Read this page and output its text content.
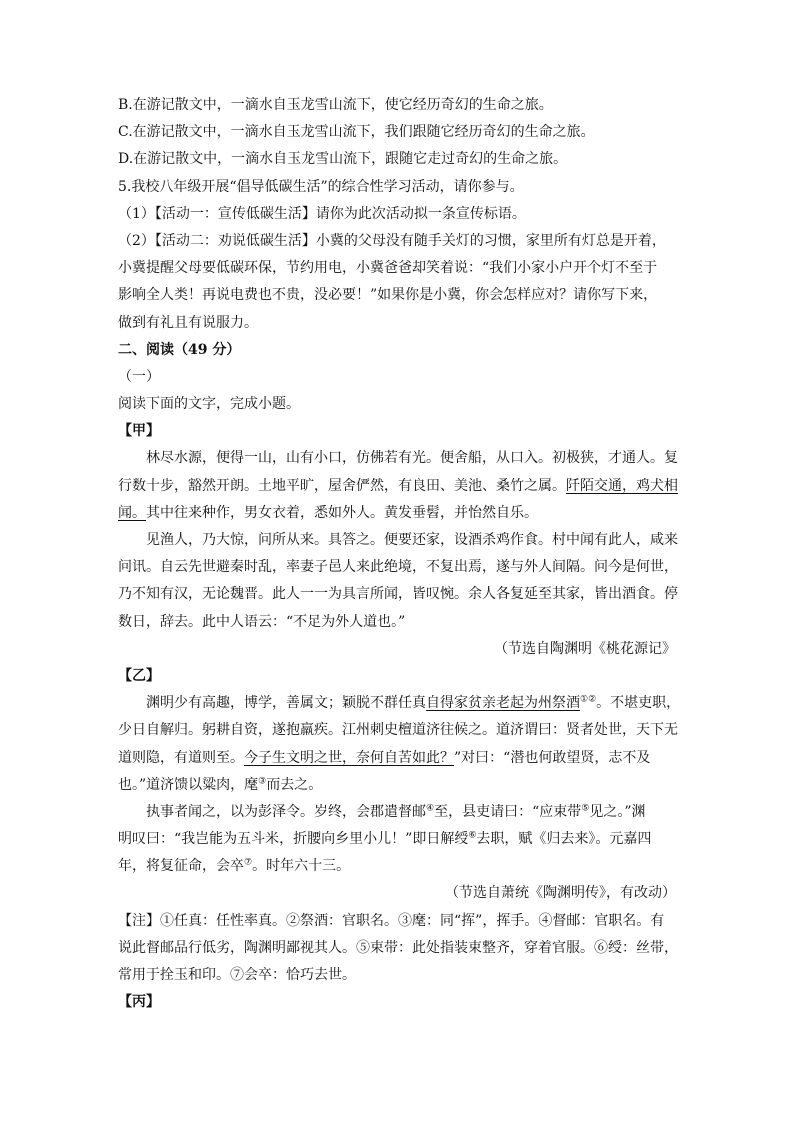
B.在游记散文中，一滴水自玉龙雪山流下，使它经历奇幻的生命之旅。
C.在游记散文中，一滴水自玉龙雪山流下，我们跟随它经历奇幻的生命之旅。
D.在游记散文中，一滴水自玉龙雪山流下，跟随它走过奇幻的生命之旅。
5.我校八年级开展“倡导低碳生活”的综合性学习活动，请你参与。
（1）【活动一：宣传低碳生活】请你为此次活动拟一条宣传标语。
（2）【活动二：劝说低碳生活】小冀的父母没有随手关灯的习惯，家里所有灯总是开着，
小冀提醒父母要低碳环保，节约用电，小冀爸爸却笑着说：“我们小家小户开个灯不至于
影响全人类！再说电费也不贵，没必要！”如果你是小冀，你会怎样应对？请你写下来，
做到有礼且有说服力。
二、阅读（49 分）
（一）
阅读下面的文字，完成小题。
【甲】
林尽水源，便得一山，山有小口，仿佛若有光。便舍船，从口入。初极狭，才通人。复
行数十步，豁然开朗。土地平旷，屋舍俨然，有良田、美池、桑竹之属。阡陌交通，鸡犬相
闻。其中往来种作，男女衣着，悉如外人。黄发垂髫，并怡然自乐。
见渔人，乃大惊，问所从来。具答之。便要还家，设酒杀鸡作食。村中闻有此人，咸来
问讯。自云先世避秦时乱，率妻子邑人来此绝境，不复出焉，遂与外人间隔。问今是何世，
乃不知有汉，无论魏晋。此人一一为具言所闻，皆叹惋。余人各复延至其家，皆出酒食。停
数日，辞去。此中人语云：“不足为外人道也。”
（节选自陶渊明《桃花源记》
【乙】
渊明少有高趣，博学，善属文；颖脱不群任真自得家贫亲老起为州祭酒①②。不堪吏职，
少日自解归。躬耕自资，遂抱羸疾。江州刺史檀道济往候之。道济谓曰：贤者处世，天下无
道则隐，有道则至。今子生文明之世，奈何自苦如此？”对曰：“潜也何敢望贤，志不及
也。”道济馈以粱肉，麾③而去之。
执事者闻之，以为彭泽令。岁终，会郡遣督邮④至，县吏请曰：“应束带⑤见之。”渊
明叹曰：“我岂能为五斗米，折腰向乡里小儿！”即日解绶⑥去职，赋《归去来》。元嘉四
年，将复征命，会卒⑦。时年六十三。
（节选自萧统《陶渊明传》，有改动）
【注】①任真：任性率真。②祭酒：官职名。③麾：同“挥”，挥手。④督邮：官职名。有
说此督邮品行低劣，陶渊明鄙视其人。⑤束带：此处指装束整齐，穿着官服。⑥绶：丝带，
常用于拴玉和印。⑦会卒：恰巧去世。
【丙】
